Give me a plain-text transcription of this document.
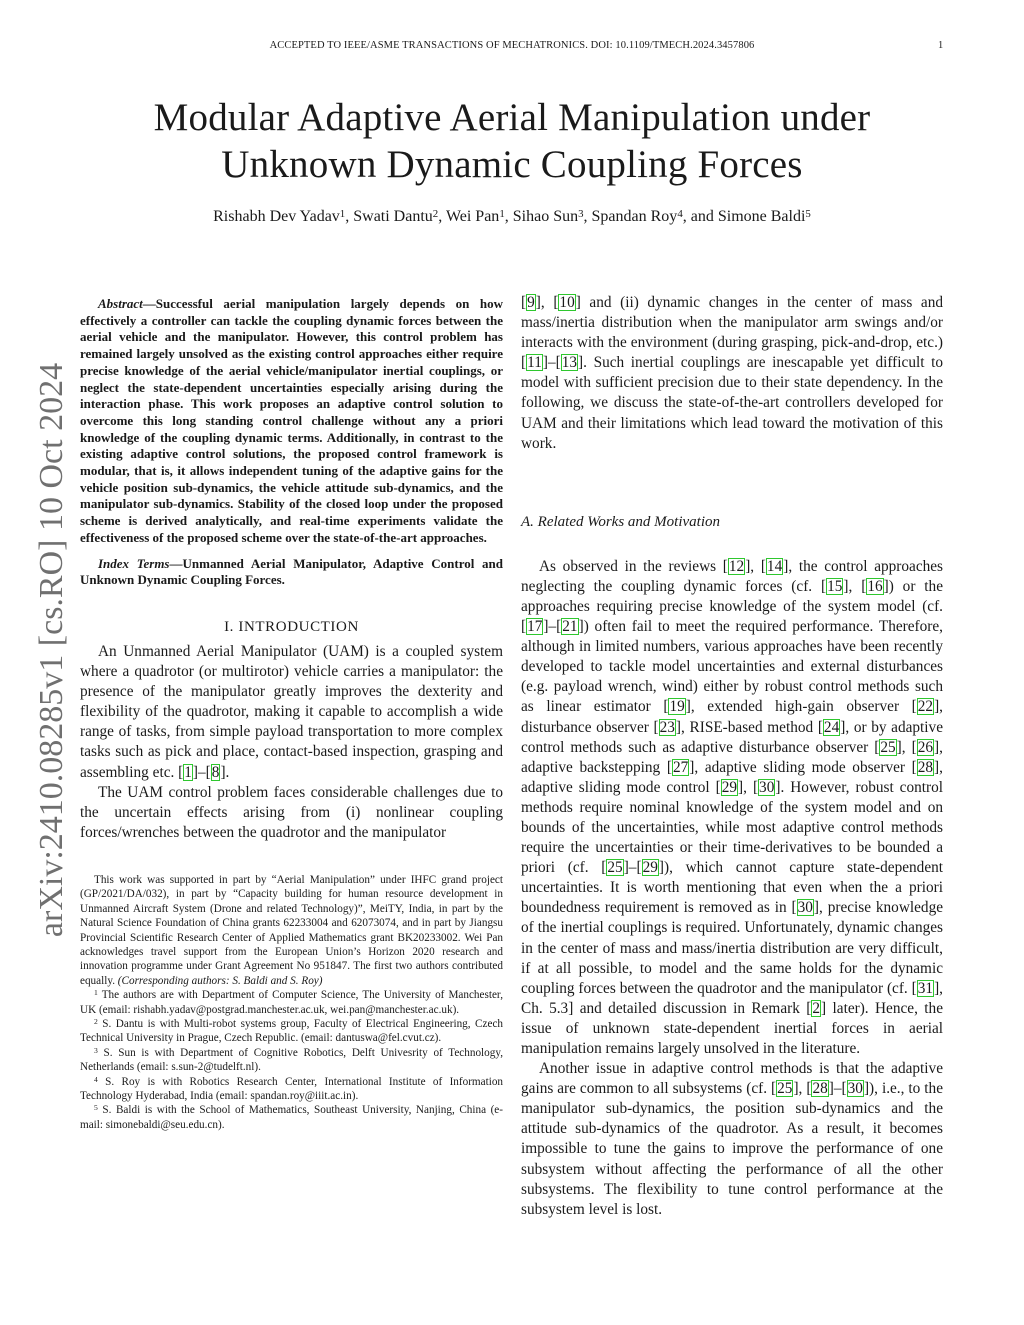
ACCEPTED TO IEEE/ASME TRANSACTIONS OF MECHATRONICS. DOI: 10.1109/TMECH.2024.3457806	1
arXiv:2410.08285v1 [cs.RO] 10 Oct 2024
Modular Adaptive Aerial Manipulation under
Unknown Dynamic Coupling Forces
Rishabh Dev Yadav$^1$, Swati Dantu$^2$, Wei Pan$^1$, Sihao Sun$^3$, Spandan Roy$^4$, and Simone Baldi$^5$

Abstract—Successful aerial manipulation largely depends on how effectively a controller can tackle the coupling dynamic forces between the aerial vehicle and the manipulator. However, this control problem has remained largely unsolved as the existing control approaches either require precise knowledge of the aerial vehicle/manipulator inertial couplings, or neglect the state-dependent uncertainties especially arising during the interaction phase. This work proposes an adaptive control solution to overcome this long standing control challenge without any a priori knowledge of the coupling dynamic terms. Additionally, in contrast to the existing adaptive control solutions, the proposed control framework is modular, that is, it allows independent tuning of the adaptive gains for the vehicle position sub-dynamics, the vehicle attitude sub-dynamics, and the manipulator sub-dynamics. Stability of the closed loop under the proposed scheme is derived analytically, and real-time experiments validate the effectiveness of the proposed scheme over the state-of-the-art approaches.

Index Terms—Unmanned Aerial Manipulator, Adaptive Control and Unknown Dynamic Coupling Forces.

I. INTRODUCTION

An Unmanned Aerial Manipulator (UAM) is a coupled system where a quadrotor (or multirotor) vehicle carries a manipulator: the presence of the manipulator greatly improves the dexterity and flexibility of the quadrotor, making it capable to accomplish a wide range of tasks, from simple payload transportation to more complex tasks such as pick and place, contact-based inspection, grasping and assembling etc. [1]–[8].

The UAM control problem faces considerable challenges due to the uncertain effects arising from (i) nonlinear coupling forces/wrenches between the quadrotor and the manipulator

This work was supported in part by “Aerial Manipulation” under IHFC grand project (GP/2021/DA/032), in part by “Capacity building for human resource development in Unmanned Aircraft System (Drone and related Technology)”, MeiTY, India, in part by the Natural Science Foundation of China grants 62233004 and 62073074, and in part by Jiangsu Provincial Scientific Research Center of Applied Mathematics grant BK20233002. Wei Pan acknowledges travel support from the European Union’s Horizon 2020 research and innovation programme under Grant Agreement No 951847. The first two authors contributed equally. (Corresponding authors: S. Baldi and S. Roy)

$^1$ The authors are with Department of Computer Science, The University of Manchester, UK (email: rishabh.yadav@postgrad.manchester.ac.uk, wei.pan@manchester.ac.uk).

$^2$ S. Dantu is with Multi-robot systems group, Faculty of Electrical Engineering, Czech Technical University in Prague, Czech Republic. (email: dantuswa@fel.cvut.cz).

$^3$ S. Sun is with Department of Cognitive Robotics, Delft Univesrity of Technology, Netherlands (email: s.sun-2@tudelft.nl).

$^4$ S. Roy is with Robotics Research Center, International Institute of Information Technology Hyderabad, India (email: spandan.roy@iiit.ac.in).

$^5$ S. Baldi is with the School of Mathematics, Southeast University, Nanjing, China (e-mail: simonebaldi@seu.edu.cn).

[9], [10] and (ii) dynamic changes in the center of mass and mass/inertia distribution when the manipulator arm swings and/or interacts with the environment (during grasping, pick-and-drop, etc.) [11]–[13]. Such inertial couplings are inescapable yet difficult to model with sufficient precision due to their state dependency. In the following, we discuss the state-of-the-art controllers developed for UAM and their limitations which lead toward the motivation of this work.

A. Related Works and Motivation

As observed in the reviews [12], [14], the control approaches neglecting the coupling dynamic forces (cf. [15], [16]) or the approaches requiring precise knowledge of the system model (cf. [17]–[21]) often fail to meet the required performance. Therefore, although in limited numbers, various approaches have been recently developed to tackle model uncertainties and external disturbances (e.g. payload wrench, wind) either by robust control methods such as linear estimator [19], extended high-gain observer [22], disturbance observer [23], RISE-based method [24], or by adaptive control methods such as adaptive disturbance observer [25], [26], adaptive backstepping [27], adaptive sliding mode observer [28], adaptive sliding mode control [29], [30]. However, robust control methods require nominal knowledge of the system model and on bounds of the uncertainties, while most adaptive control methods require the uncertainties or their time-derivatives to be bounded a priori (cf. [25]–[29]), which cannot capture state-dependent uncertainties. It is worth mentioning that even when the a priori boundedness requirement is removed as in [30], precise knowledge of the inertial couplings is required. Unfortunately, dynamic changes in the center of mass and mass/inertia distribution are very difficult, if at all possible, to model and the same holds for the dynamic coupling forces between the quadrotor and the manipulator (cf. [31], Ch. 5.3] and detailed discussion in Remark [2] later). Hence, the issue of unknown state-dependent inertial forces in aerial manipulation remains largely unsolved in the literature.

Another issue in adaptive control methods is that the adaptive gains are common to all subsystems (cf. [25], [28]–[30]), i.e., to the manipulator sub-dynamics, the position sub-dynamics and the attitude sub-dynamics of the quadrotor. As a result, it becomes impossible to tune the gains to improve the performance of one subsystem without affecting the performance of all the other subsystems. The flexibility to tune control performance at the subsystem level is lost.
